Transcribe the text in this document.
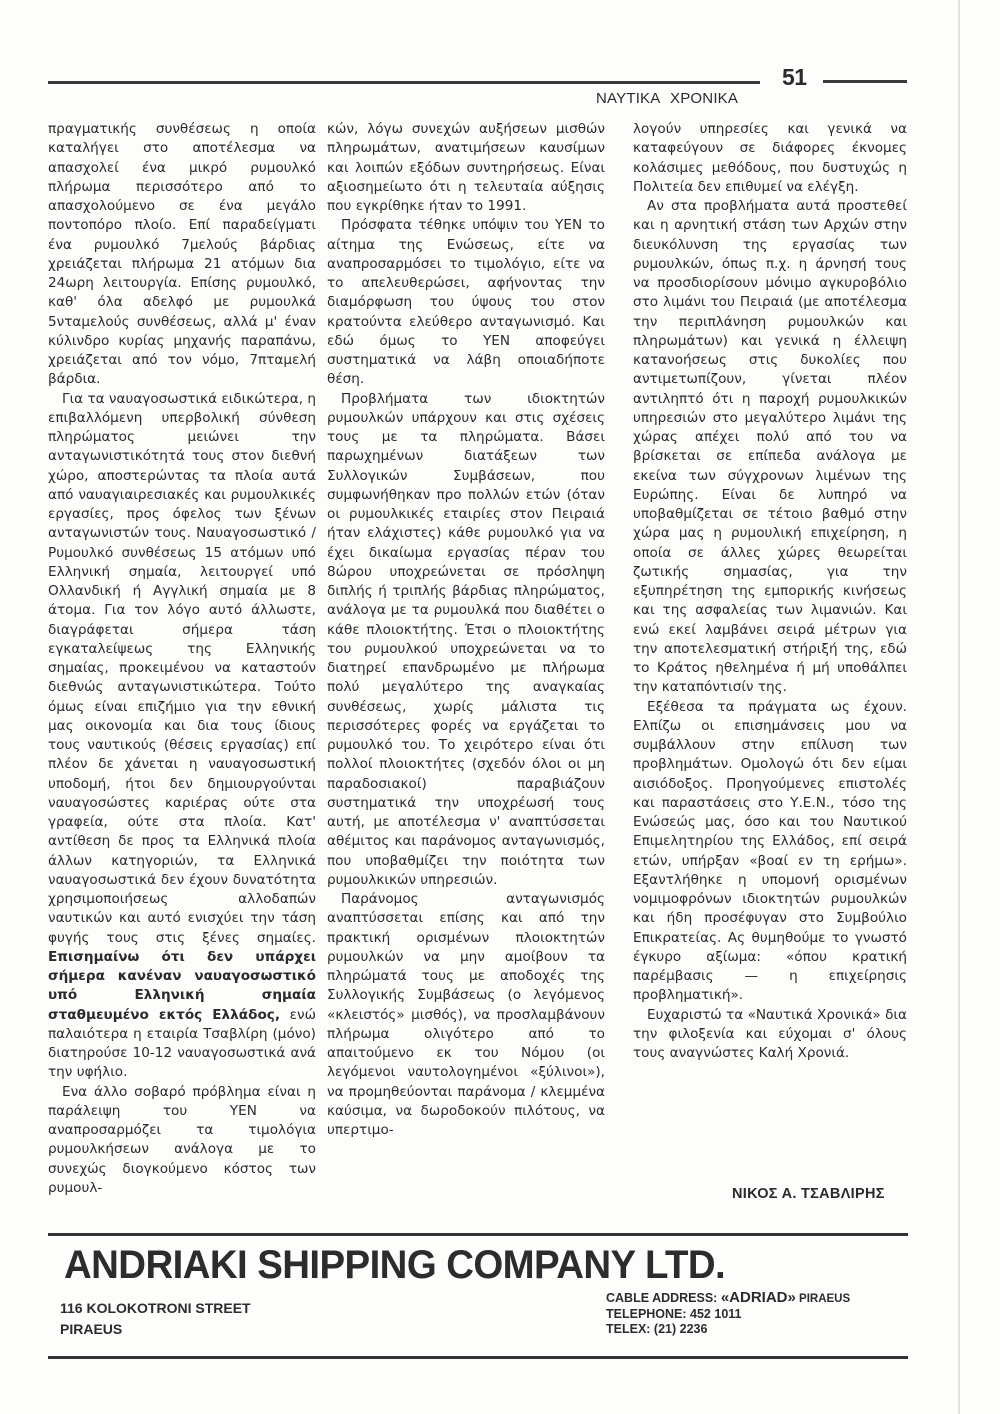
51
ΝΑΥΤΙΚΑ ΧΡΟΝΙΚΑ

πραγματικής συνθέσεως η οποία καταλήγει στο αποτέλεσμα να απασχολεί ένα μικρό ρυμουλκό πλήρωμα περισσότερο από το απασχολούμενο σε ένα μεγάλο ποντοπόρο πλοίο. Επί παραδείγματι ένα ρυμουλκό 7μελούς βάρδιας χρειάζεται πλήρωμα 21 ατόμων δια 24ωρη λειτουργία. Επίσης ρυμουλκό, καθ' όλα αδελφό με ρυμουλκά 5νταμελούς συνθέσεως, αλλά μ' έναν κύλινδρο κυρίας μηχανής παραπάνω, χρειάζεται από τον νόμο, 7πταμελή βάρδια.

Για τα ναυαγοσωστικά ειδικώτερα, η επιβαλλόμενη υπερβολική σύνθεση πληρώματος μειώνει την ανταγωνιστικότητά τους στον διεθνή χώρο, αποστερώντας τα πλοία αυτά από ναυαγιαιρεσιακές και ρυμουλκικές εργασίες, προς όφελος των ξένων ανταγωνιστών τους. Ναυαγοσωστικό / Ρυμουλκό συνθέσεως 15 ατόμων υπό Ελληνική σημαία, λειτουργεί υπό Ολλανδική ή Αγγλική σημαία με 8 άτομα. Για τον λόγο αυτό άλλωστε, διαγράφεται σήμερα τάση εγκαταλείψεως της Ελληνικής σημαίας, προκειμένου να καταστούν διεθνώς ανταγωνιστικώτερα. Τούτο όμως είναι επιζήμιο για την εθνική μας οικονομία και δια τους ίδιους τους ναυτικούς (θέσεις εργασίας) επί πλέον δε χάνεται η ναυαγοσωστική υποδομή, ήτοι δεν δημιουργούνται ναυαγοσώστες καριέρας ούτε στα γραφεία, ούτε στα πλοία. Κατ' αντίθεση δε προς τα Ελληνικά πλοία άλλων κατηγοριών, τα Ελληνικά ναυαγοσωστικά δεν έχουν δυνατότητα χρησιμοποιήσεως αλλοδαπών ναυτικών και αυτό ενισχύει την τάση φυγής τους στις ξένες σημαίες. Επισημαίνω ότι δεν υπάρχει σήμερα κανέναν ναυαγοσωστικό υπό Ελληνική σημαία σταθμευμένο εκτός Ελλάδος, ενώ παλαιότερα η εταιρία Τσαβλίρη (μόνο) διατηρούσε 10-12 ναυαγοσωστικά ανά την υφήλιο.

Ενα άλλο σοβαρό πρόβλημα είναι η παράλειψη του ΥΕΝ να αναπροσαρμόζει τα τιμολόγια ρυμουλκήσεων ανάλογα με το συνεχώς διογκούμενο κόστος των ρυμουλ-

κών, λόγω συνεχών αυξήσεων μισθών πληρωμάτων, ανατιμήσεων καυσίμων και λοιπών εξόδων συντηρήσεως. Είναι αξιοσημείωτο ότι η τελευταία αύξησις που εγκρίθηκε ήταν το 1991.

Πρόσφατα τέθηκε υπόψιν του ΥΕΝ το αίτημα της Ενώσεως, είτε να αναπροσαρμόσει το τιμολόγιο, είτε να το απελευθερώσει, αφήνοντας την διαμόρφωση του ύψους του στον κρατούντα ελεύθερο ανταγωνισμό. Και εδώ όμως το ΥΕΝ αποφεύγει συστηματικά να λάβη οποιαδήποτε θέση.

Προβλήματα των ιδιοκτητών ρυμουλκών υπάρχουν και στις σχέσεις τους με τα πληρώματα. Βάσει παρωχημένων διατάξεων των Συλλογικών Συμβάσεων, που συμφωνήθηκαν προ πολλών ετών (όταν οι ρυμουλκικές εταιρίες στον Πειραιά ήταν ελάχιστες) κάθε ρυμουλκό για να έχει δικαίωμα εργασίας πέραν του 8ώρου υποχρεώνεται σε πρόσληψη διπλής ή τριπλής βάρδιας πληρώματος, ανάλογα με τα ρυμουλκά που διαθέτει ο κάθε πλοιοκτήτης. Έτσι ο πλοιοκτήτης του ρυμουλκού υποχρεώνεται να το διατηρεί επανδρωμένο με πλήρωμα πολύ μεγαλύτερο της αναγκαίας συνθέσεως, χωρίς μάλιστα τις περισσότερες φορές να εργάζεται το ρυμουλκό του. Το χειρότερο είναι ότι πολλοί πλοιοκτήτες (σχεδόν όλοι οι μη παραδοσιακοί) παραβιάζουν συστηματικά την υποχρέωσή τους αυτή, με αποτέλεσμα ν' αναπτύσσεται αθέμιτος και παράνομος ανταγωνισμός, που υποβαθμίζει την ποιότητα των ρυμουλκικών υπηρεσιών.

Παράνομος ανταγωνισμός αναπτύσσεται επίσης και από την πρακτική ορισμένων πλοιοκτητών ρυμουλκών να μην αμοίβουν τα πληρώματά τους με αποδοχές της Συλλογικής Συμβάσεως (ο λεγόμενος «κλειστός» μισθός), να προσλαμβάνουν πλήρωμα ολιγότερο από το απαιτούμενο εκ του Νόμου (οι λεγόμενοι ναυτολογημένοι «ξύλινοι»), να προμηθεύονται παράνομα / κλεμμένα καύσιμα, να δωροδοκούν πιλότους, να υπερτιμο-

λογούν υπηρεσίες και γενικά να καταφεύγουν σε διάφορες έκνομες κολάσιμες μεθόδους, που δυστυχώς η Πολιτεία δεν επιθυμεί να ελέγξη.

Αν στα προβλήματα αυτά προστεθεί και η αρνητική στάση των Αρχών στην διευκόλυνση της εργασίας των ρυμουλκών, όπως π.χ. η άρνησή τους να προσδιορίσουν μόνιμο αγκυροβόλιο στο λιμάνι του Πειραιά (με αποτέλεσμα την περιπλάνηση ρυμουλκών και πληρωμάτων) και γενικά η έλλειψη κατανοήσεως στις δυκολίες που αντιμετωπίζουν, γίνεται πλέον αντιληπτό ότι η παροχή ρυμουλκικών υπηρεσιών στο μεγαλύτερο λιμάνι της χώρας απέχει πολύ από του να βρίσκεται σε επίπεδα ανάλογα με εκείνα των σύγχρονων λιμένων της Ευρώπης. Είναι δε λυπηρό να υποβαθμίζεται σε τέτοιο βαθμό στην χώρα μας η ρυμουλική επιχείρηση, η οποία σε άλλες χώρες θεωρείται ζωτικής σημασίας, για την εξυπηρέτηση της εμπορικής κινήσεως και της ασφαλείας των λιμανιών. Και ενώ εκεί λαμβάνει σειρά μέτρων για την αποτελεσματική στήριξή της, εδώ το Κράτος ηθελημένα ή μή υποθάλπει την καταπόντισίν της.

Εξέθεσα τα πράγματα ως έχουν. Ελπίζω οι επισημάνσεις μου να συμβάλλουν στην επίλυση των προβλημάτων. Ομολογώ ότι δεν είμαι αισιόδοξος. Προηγούμενες επιστολές και παραστάσεις στο Υ.Ε.Ν., τόσο της Ενώσεώς μας, όσο και του Ναυτικού Επιμελητηρίου της Ελλάδος, επί σειρά ετών, υπήρξαν «βοαί εν τη ερήμω». Εξαντλήθηκε η υπομονή ορισμένων νομιμοφρόνων ιδιοκτητών ρυμουλκών και ήδη προσέφυγαν στο Συμβούλιο Επικρατείας. Ας θυμηθούμε το γνωστό έγκυρο αξίωμα: «όπου κρατική παρέμβασις — η επιχείρησις προβληματική».

Ευχαριστώ τα «Ναυτικά Χρονικά» δια την φιλοξενία και εύχομαι σ' όλους τους αναγνώστες Καλή Χρονιά.

ΝΙΚΟΣ Α. ΤΣΑΒΛΙΡΗΣ
ANDRIAKI SHIPPING COMPANY LTD.
116 KOLOKOTRONI STREET
PIRAEUS
CABLE ADDRESS: «ADRIAD» PIRAEUS
TELEPHONE: 452 1011
TELEX: (21) 2236
